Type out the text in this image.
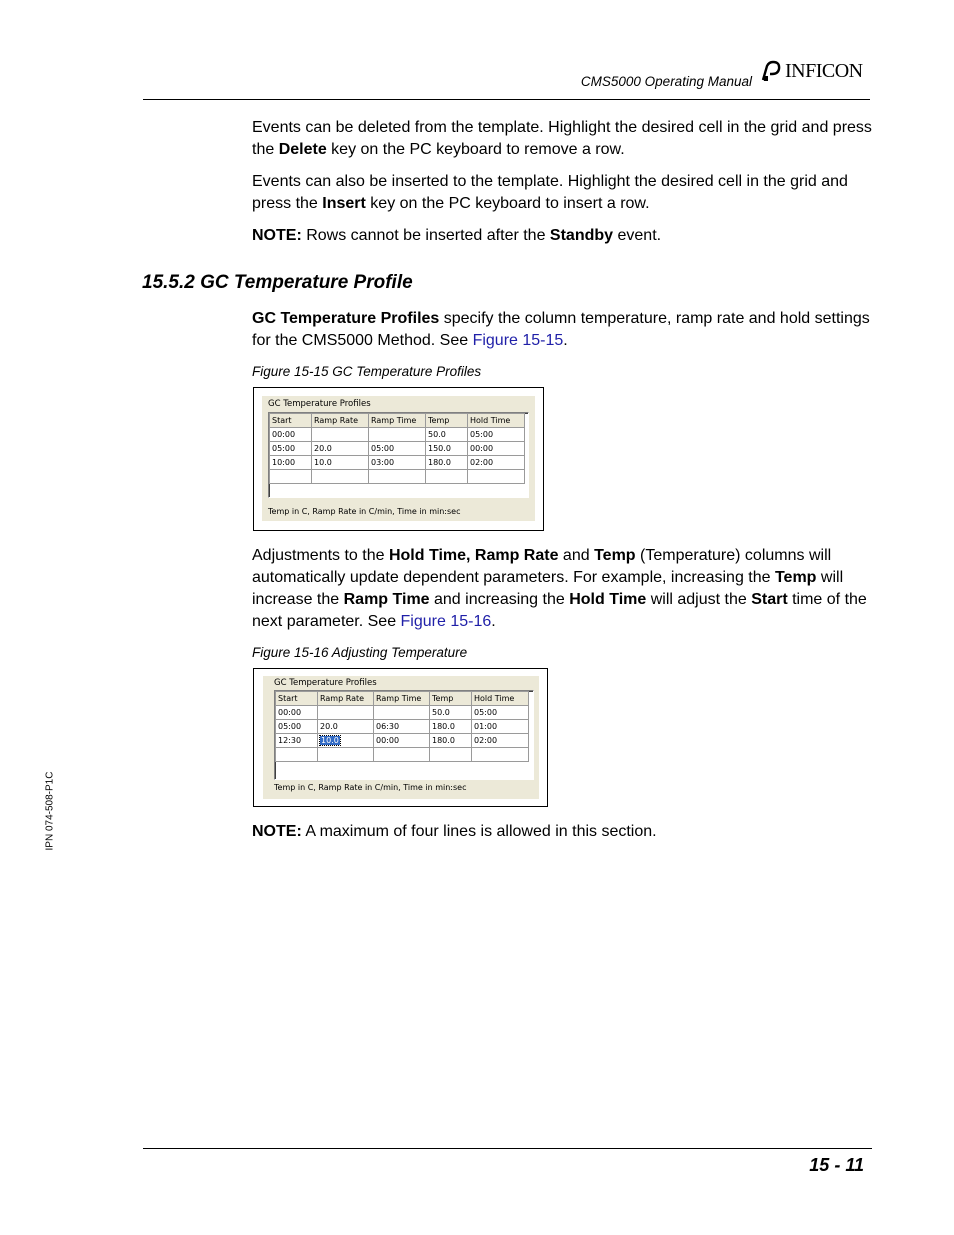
CMS5000 Operating Manual INFICON

Events can be deleted from the template. Highlight the desired cell in the grid and press the Delete key on the PC keyboard to remove a row.

Events can also be inserted to the template. Highlight the desired cell in the grid and press the Insert key on the PC keyboard to insert a row.

NOTE: Rows cannot be inserted after the Standby event.

15.5.2 GC Temperature Profile

GC Temperature Profiles specify the column temperature, ramp rate and hold settings for the CMS5000 Method. See Figure 15-15.

Figure 15-15 GC Temperature Profiles
GC Temperature Profiles
Start	Ramp Rate	Ramp Time	Temp	Hold Time
00:00			50.0	05:00
05:00	20.0	05:00	150.0	00:00
10:00	10.0	03:00	180.0	02:00

Temp in C, Ramp Rate in C/min, Time in min:sec

Adjustments to the Hold Time, Ramp Rate and Temp (Temperature) columns will automatically update dependent parameters. For example, increasing the Temp will increase the Ramp Time and increasing the Hold Time will adjust the Start time of the next parameter. See Figure 15-16.

Figure 15-16 Adjusting Temperature
GC Temperature Profiles
Start	Ramp Rate	Ramp Time	Temp	Hold Time
00:00			50.0	05:00
05:00	20.0	06:30	180.0	01:00
12:30	10.0	00:00	180.0	02:00

Temp in C, Ramp Rate in C/min, Time in min:sec

NOTE: A maximum of four lines is allowed in this section.

IPN 074-508-P1C
15 - 11
